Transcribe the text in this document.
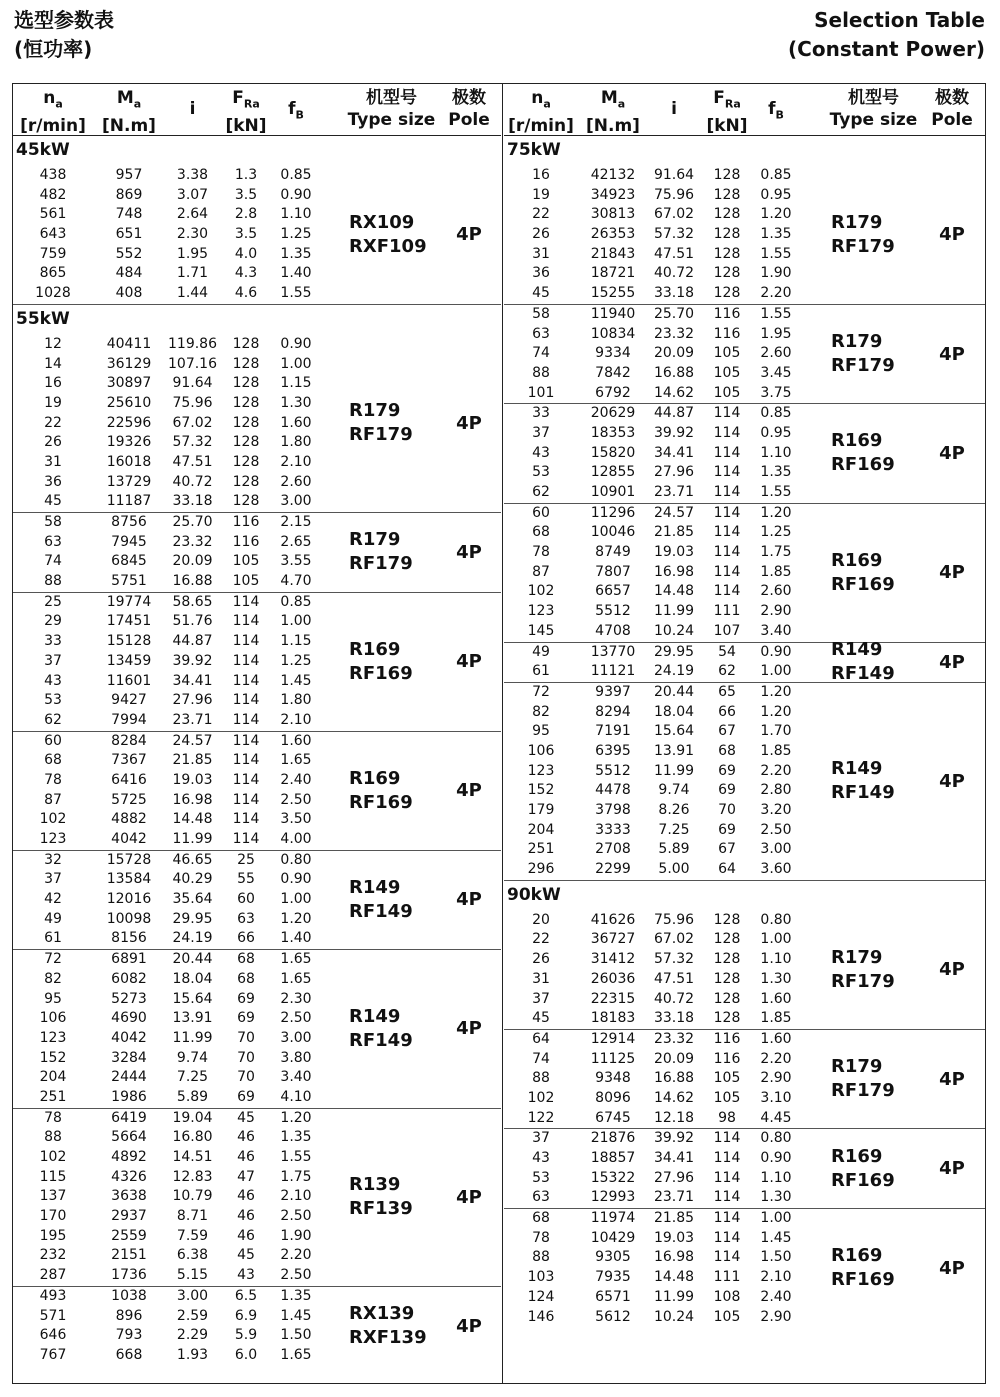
选型参数表
(恒功率)
Selection Table
(Constant Power)
$n_a$
[r/min]
$M_a$
[N.m]
i
$F_{Ra}$
[kN]
$f_B$
机型号
Type size
极数
Pole
45kW
438	957	3.38	1.3	0.85
482	869	3.07	3.5	0.90
561	748	2.64	2.8	1.10
643	651	2.30	3.5	1.25
759	552	1.95	4.0	1.35
865	484	1.71	4.3	1.40
1028	408	1.44	4.6	1.55
RX109
RXF109
4P
55kW
12	40411	119.86	128	0.90
14	36129	107.16	128	1.00
16	30897	91.64	128	1.15
19	25610	75.96	128	1.30
22	22596	67.02	128	1.60
26	19326	57.32	128	1.80
31	16018	47.51	128	2.10
36	13729	40.72	128	2.60
45	11187	33.18	128	3.00
R179
RF179
4P
58	8756	25.70	116	2.15
63	7945	23.32	116	2.65
74	6845	20.09	105	3.55
88	5751	16.88	105	4.70
R179
RF179
4P
25	19774	58.65	114	0.85
29	17451	51.76	114	1.00
33	15128	44.87	114	1.15
37	13459	39.92	114	1.25
43	11601	34.41	114	1.45
53	9427	27.96	114	1.80
62	7994	23.71	114	2.10
R169
RF169
4P
60	8284	24.57	114	1.60
68	7367	21.85	114	1.65
78	6416	19.03	114	2.40
87	5725	16.98	114	2.50
102	4882	14.48	114	3.50
123	4042	11.99	114	4.00
R169
RF169
4P
32	15728	46.65	25	0.80
37	13584	40.29	55	0.90
42	12016	35.64	60	1.00
49	10098	29.95	63	1.20
61	8156	24.19	66	1.40
R149
RF149
4P
72	6891	20.44	68	1.65
82	6082	18.04	68	1.65
95	5273	15.64	69	2.30
106	4690	13.91	69	2.50
123	4042	11.99	70	3.00
152	3284	9.74	70	3.80
204	2444	7.25	70	3.40
251	1986	5.89	69	4.10
R149
RF149
4P
78	6419	19.04	45	1.20
88	5664	16.80	46	1.35
102	4892	14.51	46	1.55
115	4326	12.83	47	1.75
137	3638	10.79	46	2.10
170	2937	8.71	46	2.50
195	2559	7.59	46	1.90
232	2151	6.38	45	2.20
287	1736	5.15	43	2.50
R139
RF139
4P
493	1038	3.00	6.5	1.35
571	896	2.59	6.9	1.45
646	793	2.29	5.9	1.50
767	668	1.93	6.0	1.65
RX139
RXF139
4P
$n_a$
[r/min]
$M_a$
[N.m]
i
$F_{Ra}$
[kN]
$f_B$
机型号
Type size
极数
Pole
75kW
16	42132	91.64	128	0.85
19	34923	75.96	128	0.95
22	30813	67.02	128	1.20
26	26353	57.32	128	1.35
31	21843	47.51	128	1.55
36	18721	40.72	128	1.90
45	15255	33.18	128	2.20
R179
RF179
4P
58	11940	25.70	116	1.55
63	10834	23.32	116	1.95
74	9334	20.09	105	2.60
88	7842	16.88	105	3.45
101	6792	14.62	105	3.75
R179
RF179
4P
33	20629	44.87	114	0.85
37	18353	39.92	114	0.95
43	15820	34.41	114	1.10
53	12855	27.96	114	1.35
62	10901	23.71	114	1.55
R169
RF169
4P
60	11296	24.57	114	1.20
68	10046	21.85	114	1.25
78	8749	19.03	114	1.75
87	7807	16.98	114	1.85
102	6657	14.48	114	2.60
123	5512	11.99	111	2.90
145	4708	10.24	107	3.40
R169
RF169
4P
49	13770	29.95	54	0.90
61	11121	24.19	62	1.00
R149
RF149
4P
72	9397	20.44	65	1.20
82	8294	18.04	66	1.20
95	7191	15.64	67	1.70
106	6395	13.91	68	1.85
123	5512	11.99	69	2.20
152	4478	9.74	69	2.80
179	3798	8.26	70	3.20
204	3333	7.25	69	2.50
251	2708	5.89	67	3.00
296	2299	5.00	64	3.60
R149
RF149
4P
90kW
20	41626	75.96	128	0.80
22	36727	67.02	128	1.00
26	31412	57.32	128	1.10
31	26036	47.51	128	1.30
37	22315	40.72	128	1.60
45	18183	33.18	128	1.85
R179
RF179
4P
64	12914	23.32	116	1.60
74	11125	20.09	116	2.20
88	9348	16.88	105	2.90
102	8096	14.62	105	3.10
122	6745	12.18	98	4.45
R179
RF179
4P
37	21876	39.92	114	0.80
43	18857	34.41	114	0.90
53	15322	27.96	114	1.10
63	12993	23.71	114	1.30
R169
RF169
4P
68	11974	21.85	114	1.00
78	10429	19.03	114	1.45
88	9305	16.98	114	1.50
103	7935	14.48	111	2.10
124	6571	11.99	108	2.40
146	5612	10.24	105	2.90
R169
RF169
4P
